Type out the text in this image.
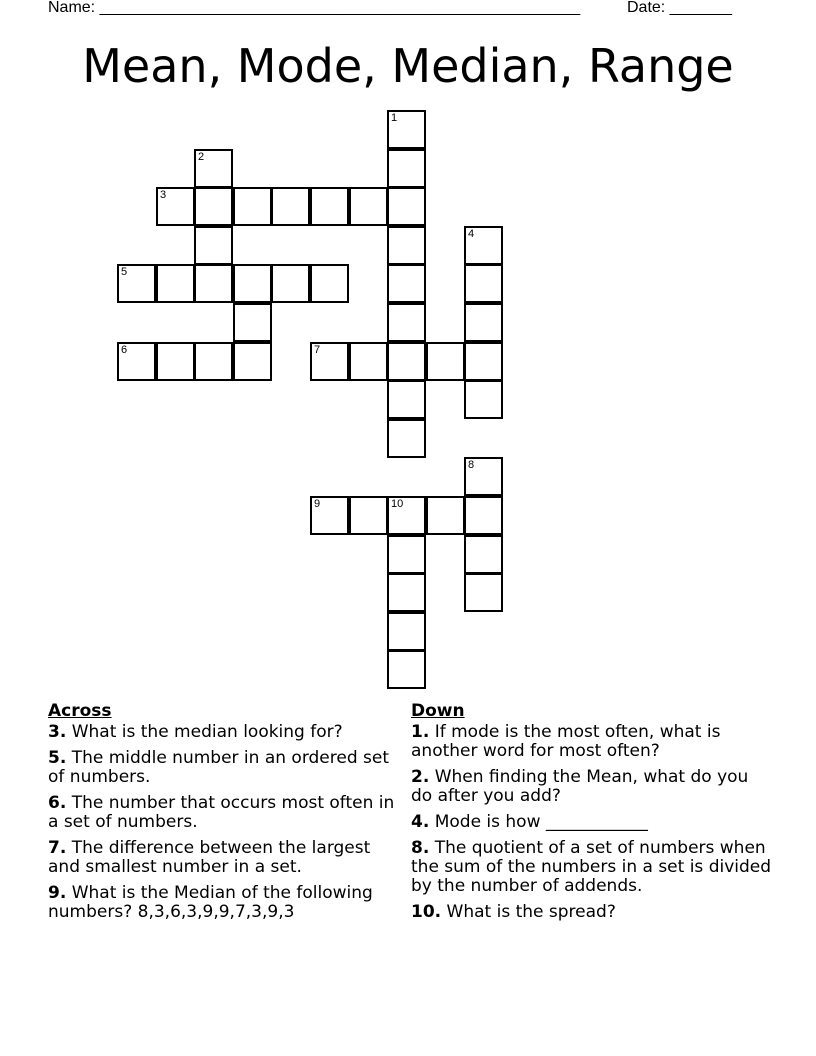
Name: ______________________________________________________	Date: _______
Mean, Mode, Median, Range
1
2
3
4
5
6	7
8
9	10
Across
3. What is the median looking for?
5. The middle number in an ordered set of numbers.
6. The number that occurs most often in a set of numbers.
7. The difference between the largest and smallest number in a set.
9. What is the Median of the following numbers? 8,3,6,3,9,9,7,3,9,3
Down
1. If mode is the most often, what is another word for most often?
2. When finding the Mean, what do you do after you add?
4. Mode is how ____________
8. The quotient of a set of numbers when the sum of the numbers in a set is divided by the number of addends.
10. What is the spread?
